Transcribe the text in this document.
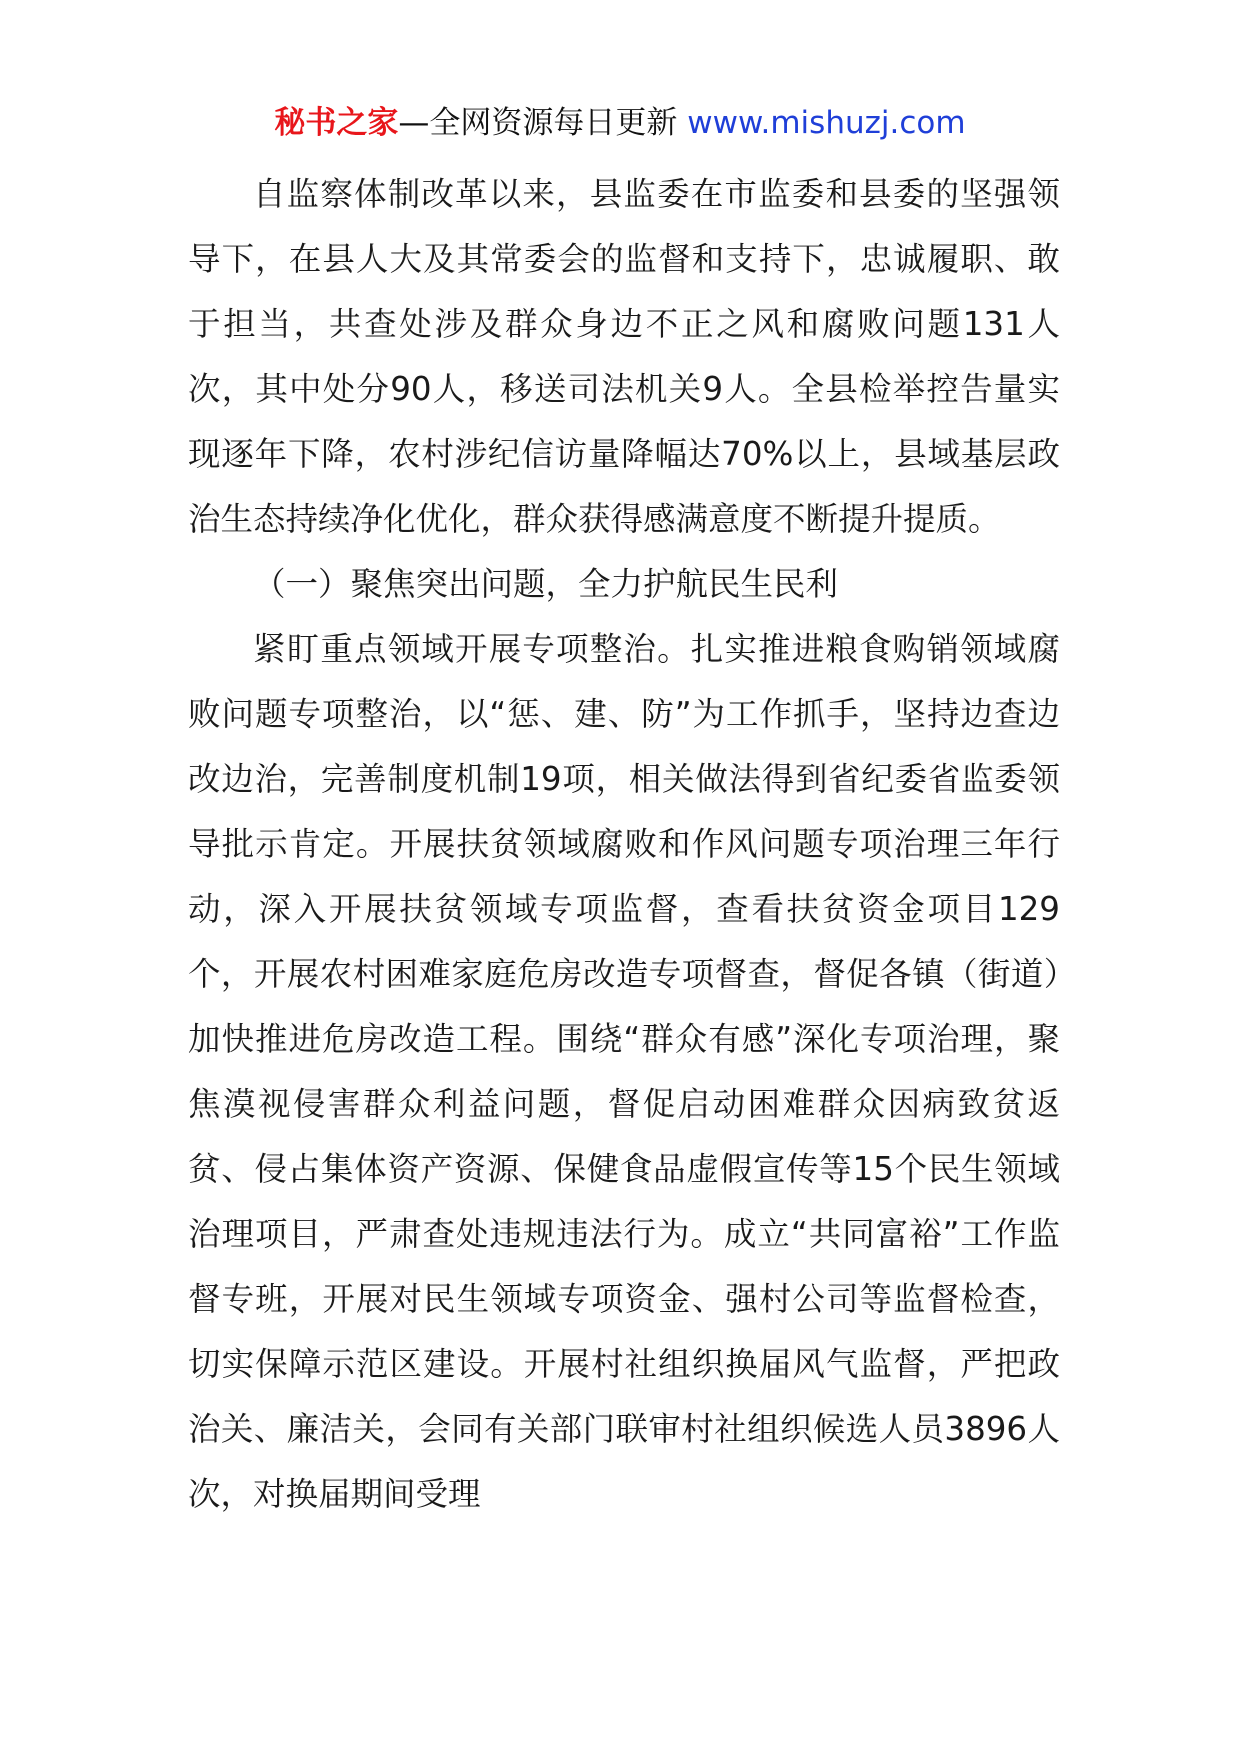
秘书之家—全网资源每日更新 www.mishuzj.com

自监察体制改革以来，县监委在市监委和县委的坚强领导下，在县人大及其常委会的监督和支持下，忠诚履职、敢于担当，共查处涉及群众身边不正之风和腐败问题131人次，其中处分90人，移送司法机关9人。全县检举控告量实现逐年下降，农村涉纪信访量降幅达70%以上，县域基层政治生态持续净化优化，群众获得感满意度不断提升提质。

（一）聚焦突出问题，全力护航民生民利

紧盯重点领域开展专项整治。扎实推进粮食购销领域腐败问题专项整治，以“惩、建、防”为工作抓手，坚持边查边改边治，完善制度机制19项，相关做法得到省纪委省监委领导批示肯定。开展扶贫领域腐败和作风问题专项治理三年行动，深入开展扶贫领域专项监督，查看扶贫资金项目129个，开展农村困难家庭危房改造专项督查，督促各镇（街道）加快推进危房改造工程。围绕“群众有感”深化专项治理，聚焦漠视侵害群众利益问题，督促启动困难群众因病致贫返贫、侵占集体资产资源、保健食品虚假宣传等15个民生领域治理项目，严肃查处违规违法行为。成立“共同富裕”工作监督专班，开展对民生领域专项资金、强村公司等监督检查，切实保障示范区建设。开展村社组织换届风气监督，严把政治关、廉洁关，会同有关部门联审村社组织候选人员3896人次，对换届期间受理
